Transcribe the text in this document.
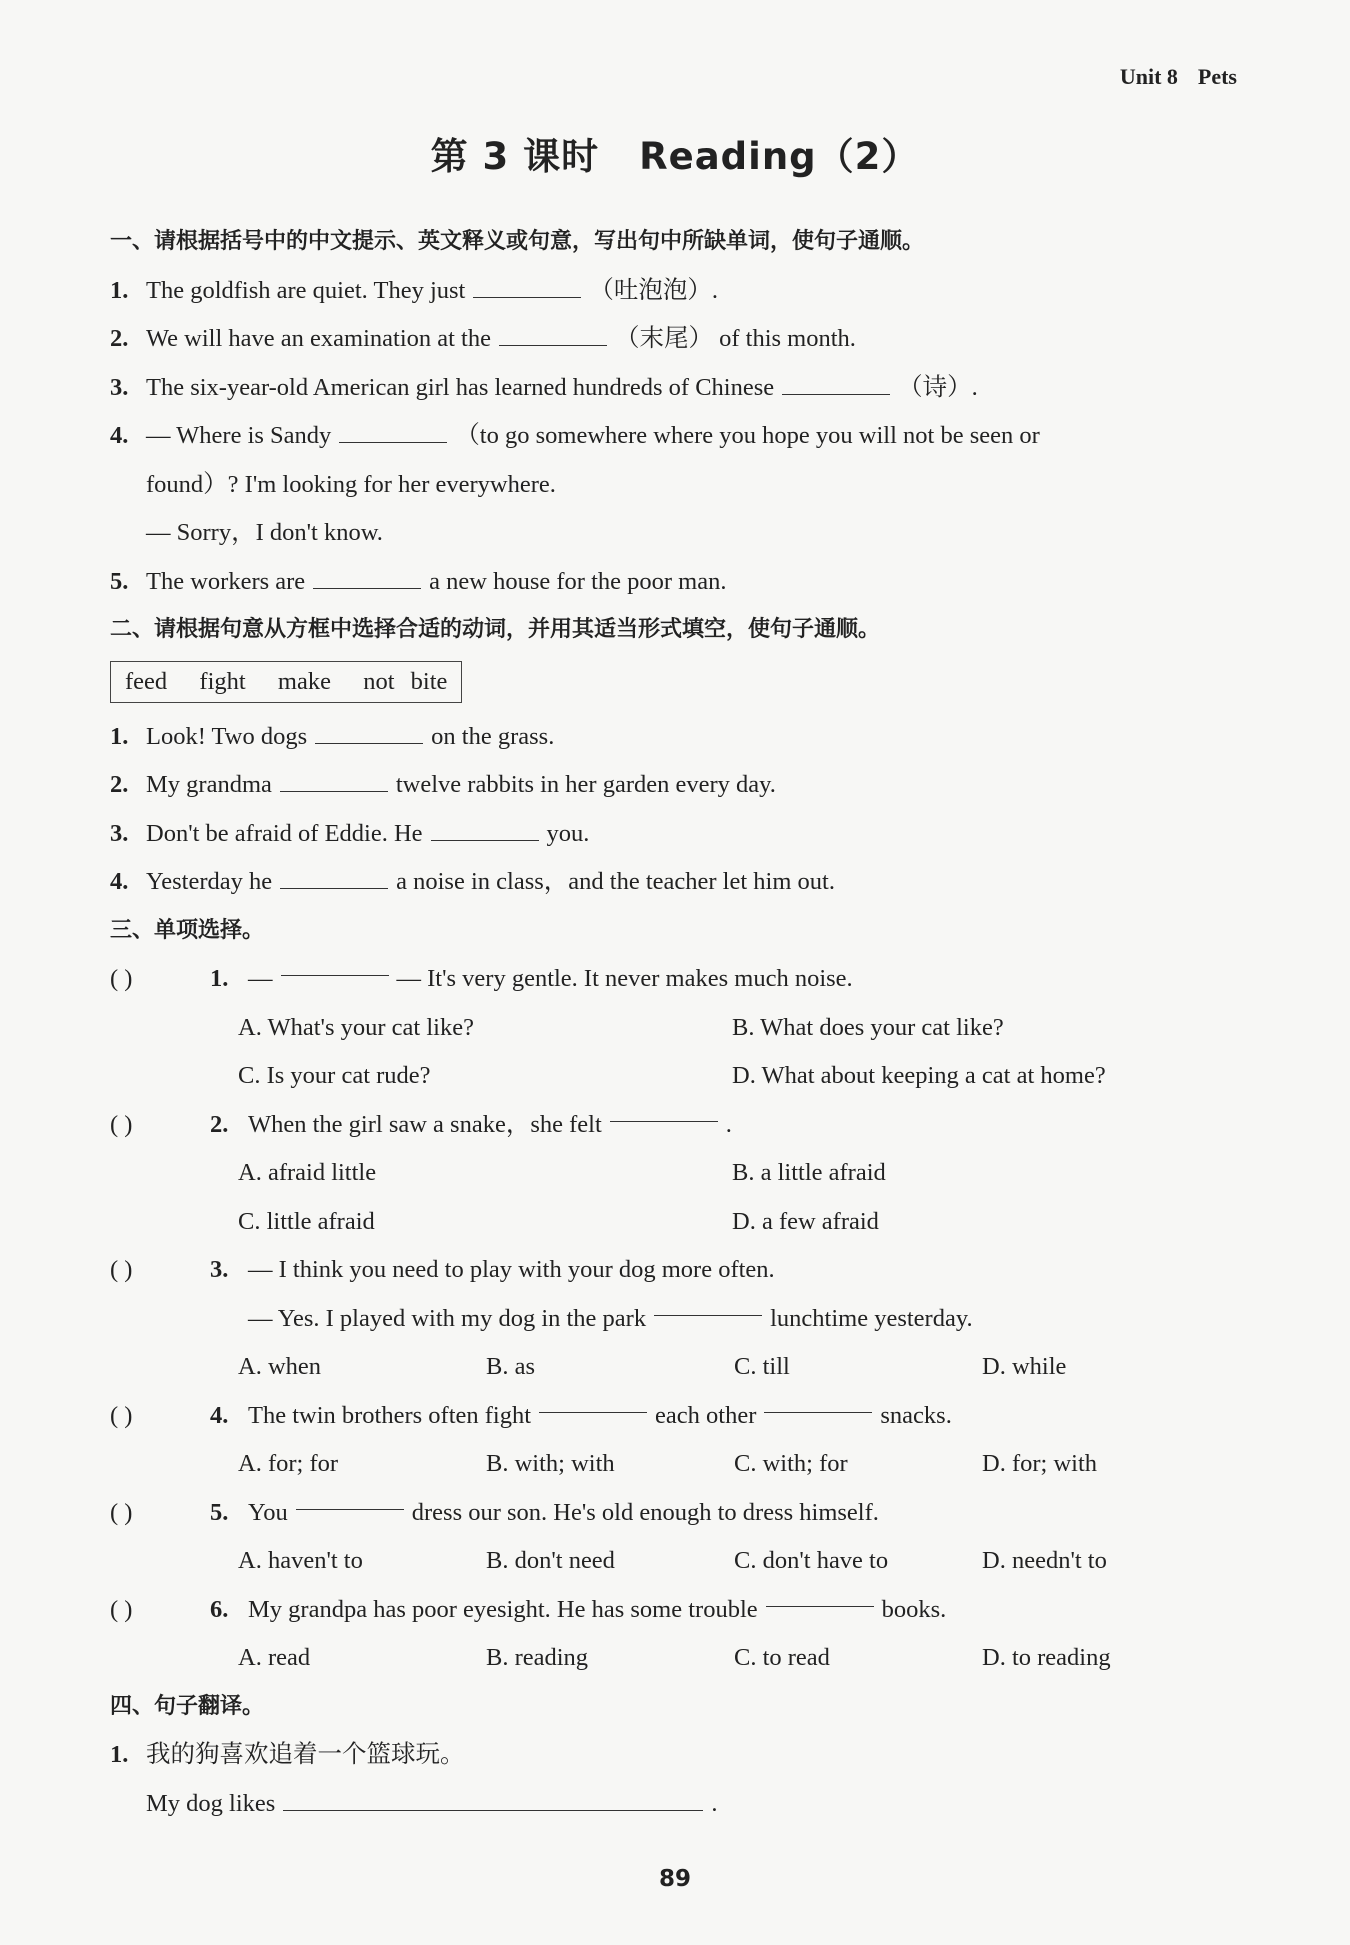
Unit 8 Pets
第 3 课时 Reading（2）
一、请根据括号中的中文提示、英文释义或句意，写出句中所缺单词，使句子通顺。
1. The goldfish are quiet. They just	（吐泡泡）.
2. We will have an examination at the	（末尾） of this month.
3. The six-year-old American girl has learned hundreds of Chinese	（诗）.
4. — Where is Sandy	（to go somewhere where you hope you will not be seen or
found）? I'm looking for her everywhere.
— Sorry，I don't know.
5. The workers are	a new house for the poor man.
二、请根据句意从方框中选择合适的动词，并用其适当形式填空，使句子通顺。
feed  fight  make  not bite
1. Look! Two dogs	on the grass.
2. My grandma	twelve rabbits in her garden every day.
3. Don't be afraid of Eddie. He	you.
4. Yesterday he	a noise in class，and the teacher let him out.
三、单项选择。
( )	1. —	— It's very gentle. It never makes much noise.
A. What's your cat like?	B. What does your cat like?
C. Is your cat rude?	D. What about keeping a cat at home?
( )	2. When the girl saw a snake，she felt	.
A. afraid little	B. a little afraid
C. little afraid	D. a few afraid
( )	3. — I think you need to play with your dog more often.
— Yes. I played with my dog in the park	lunchtime yesterday.
A. when	B. as	C. till	D. while
( )	4. The twin brothers often fight	each other	snacks.
A. for; for	B. with; with	C. with; for	D. for; with
( )	5. You	dress our son. He's old enough to dress himself.
A. haven't to	B. don't need	C. don't have to	D. needn't to
( )	6. My grandpa has poor eyesight. He has some trouble	books.
A. read	B. reading	C. to read	D. to reading
四、句子翻译。
1. 我的狗喜欢追着一个篮球玩。
My dog likes	.
89
